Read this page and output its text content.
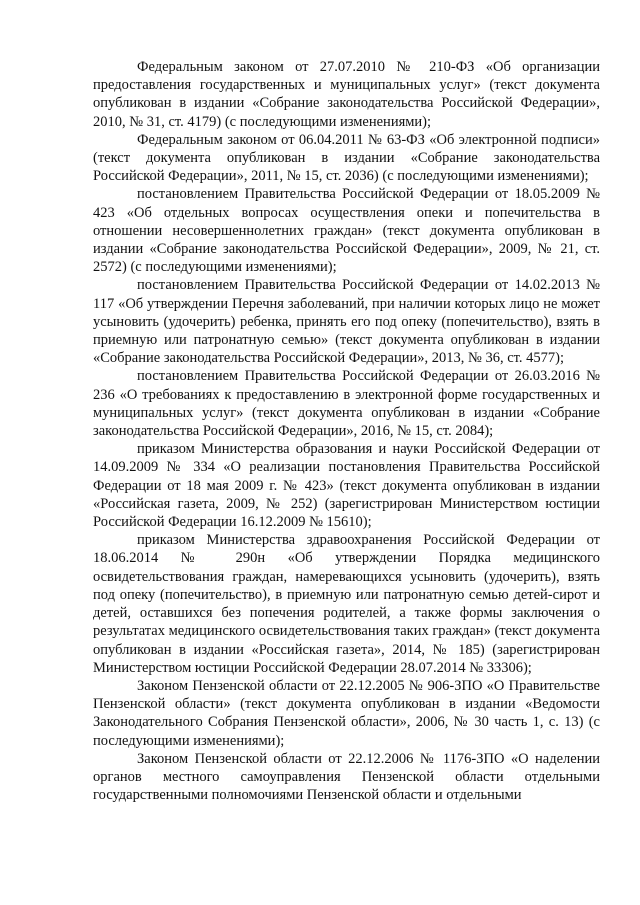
Федеральным законом от 27.07.2010 № 210-ФЗ «Об организации предоставления государственных и муниципальных услуг» (текст документа опубликован в издании «Собрание законодательства Российской Федерации», 2010, № 31, ст. 4179) (с последующими изменениями);

Федеральным законом от 06.04.2011 № 63-ФЗ «Об электронной подписи» (текст документа опубликован в издании «Собрание законодательства Российской Федерации», 2011, № 15, ст. 2036) (с последующими изменениями);

постановлением Правительства Российской Федерации от 18.05.2009 № 423 «Об отдельных вопросах осуществления опеки и попечительства в отношении несовершеннолетних граждан» (текст документа опубликован в издании «Собрание законодательства Российской Федерации», 2009, № 21, ст. 2572) (с последующими изменениями);

постановлением Правительства Российской Федерации от 14.02.2013 № 117 «Об утверждении Перечня заболеваний, при наличии которых лицо не может усыновить (удочерить) ребенка, принять его под опеку (попечительство), взять в приемную или патронатную семью» (текст документа опубликован в издании «Собрание законодательства Российской Федерации», 2013, № 36, ст. 4577);

постановлением Правительства Российской Федерации от 26.03.2016 № 236 «О требованиях к предоставлению в электронной форме государственных и муниципальных услуг» (текст документа опубликован в издании «Собрание законодательства Российской Федерации», 2016, № 15, ст. 2084);

приказом Министерства образования и науки Российской Федерации от 14.09.2009 № 334 «О реализации постановления Правительства Российской Федерации от 18 мая 2009 г. № 423» (текст документа опубликован в издании «Российская газета, 2009, № 252) (зарегистрирован Министерством юстиции Российской Федерации 16.12.2009 № 15610);

приказом Министерства здравоохранения Российской Федерации от 18.06.2014 № 290н «Об утверждении Порядка медицинского освидетельствования граждан, намеревающихся усыновить (удочерить), взять под опеку (попечительство), в приемную или патронатную семью детей-сирот и детей, оставшихся без попечения родителей, а также формы заключения о результатах медицинского освидетельствования таких граждан» (текст документа опубликован в издании «Российская газета», 2014, № 185) (зарегистрирован Министерством юстиции Российской Федерации 28.07.2014 № 33306);

Законом Пензенской области от 22.12.2005 № 906-ЗПО «О Правительстве Пензенской области» (текст документа опубликован в издании «Ведомости Законодательного Собрания Пензенской области», 2006, № 30 часть 1, с. 13) (с последующими изменениями);

Законом Пензенской области от 22.12.2006 № 1176-ЗПО «О наделении органов местного самоуправления Пензенской области отдельными государственными полномочиями Пензенской области и отдельными
